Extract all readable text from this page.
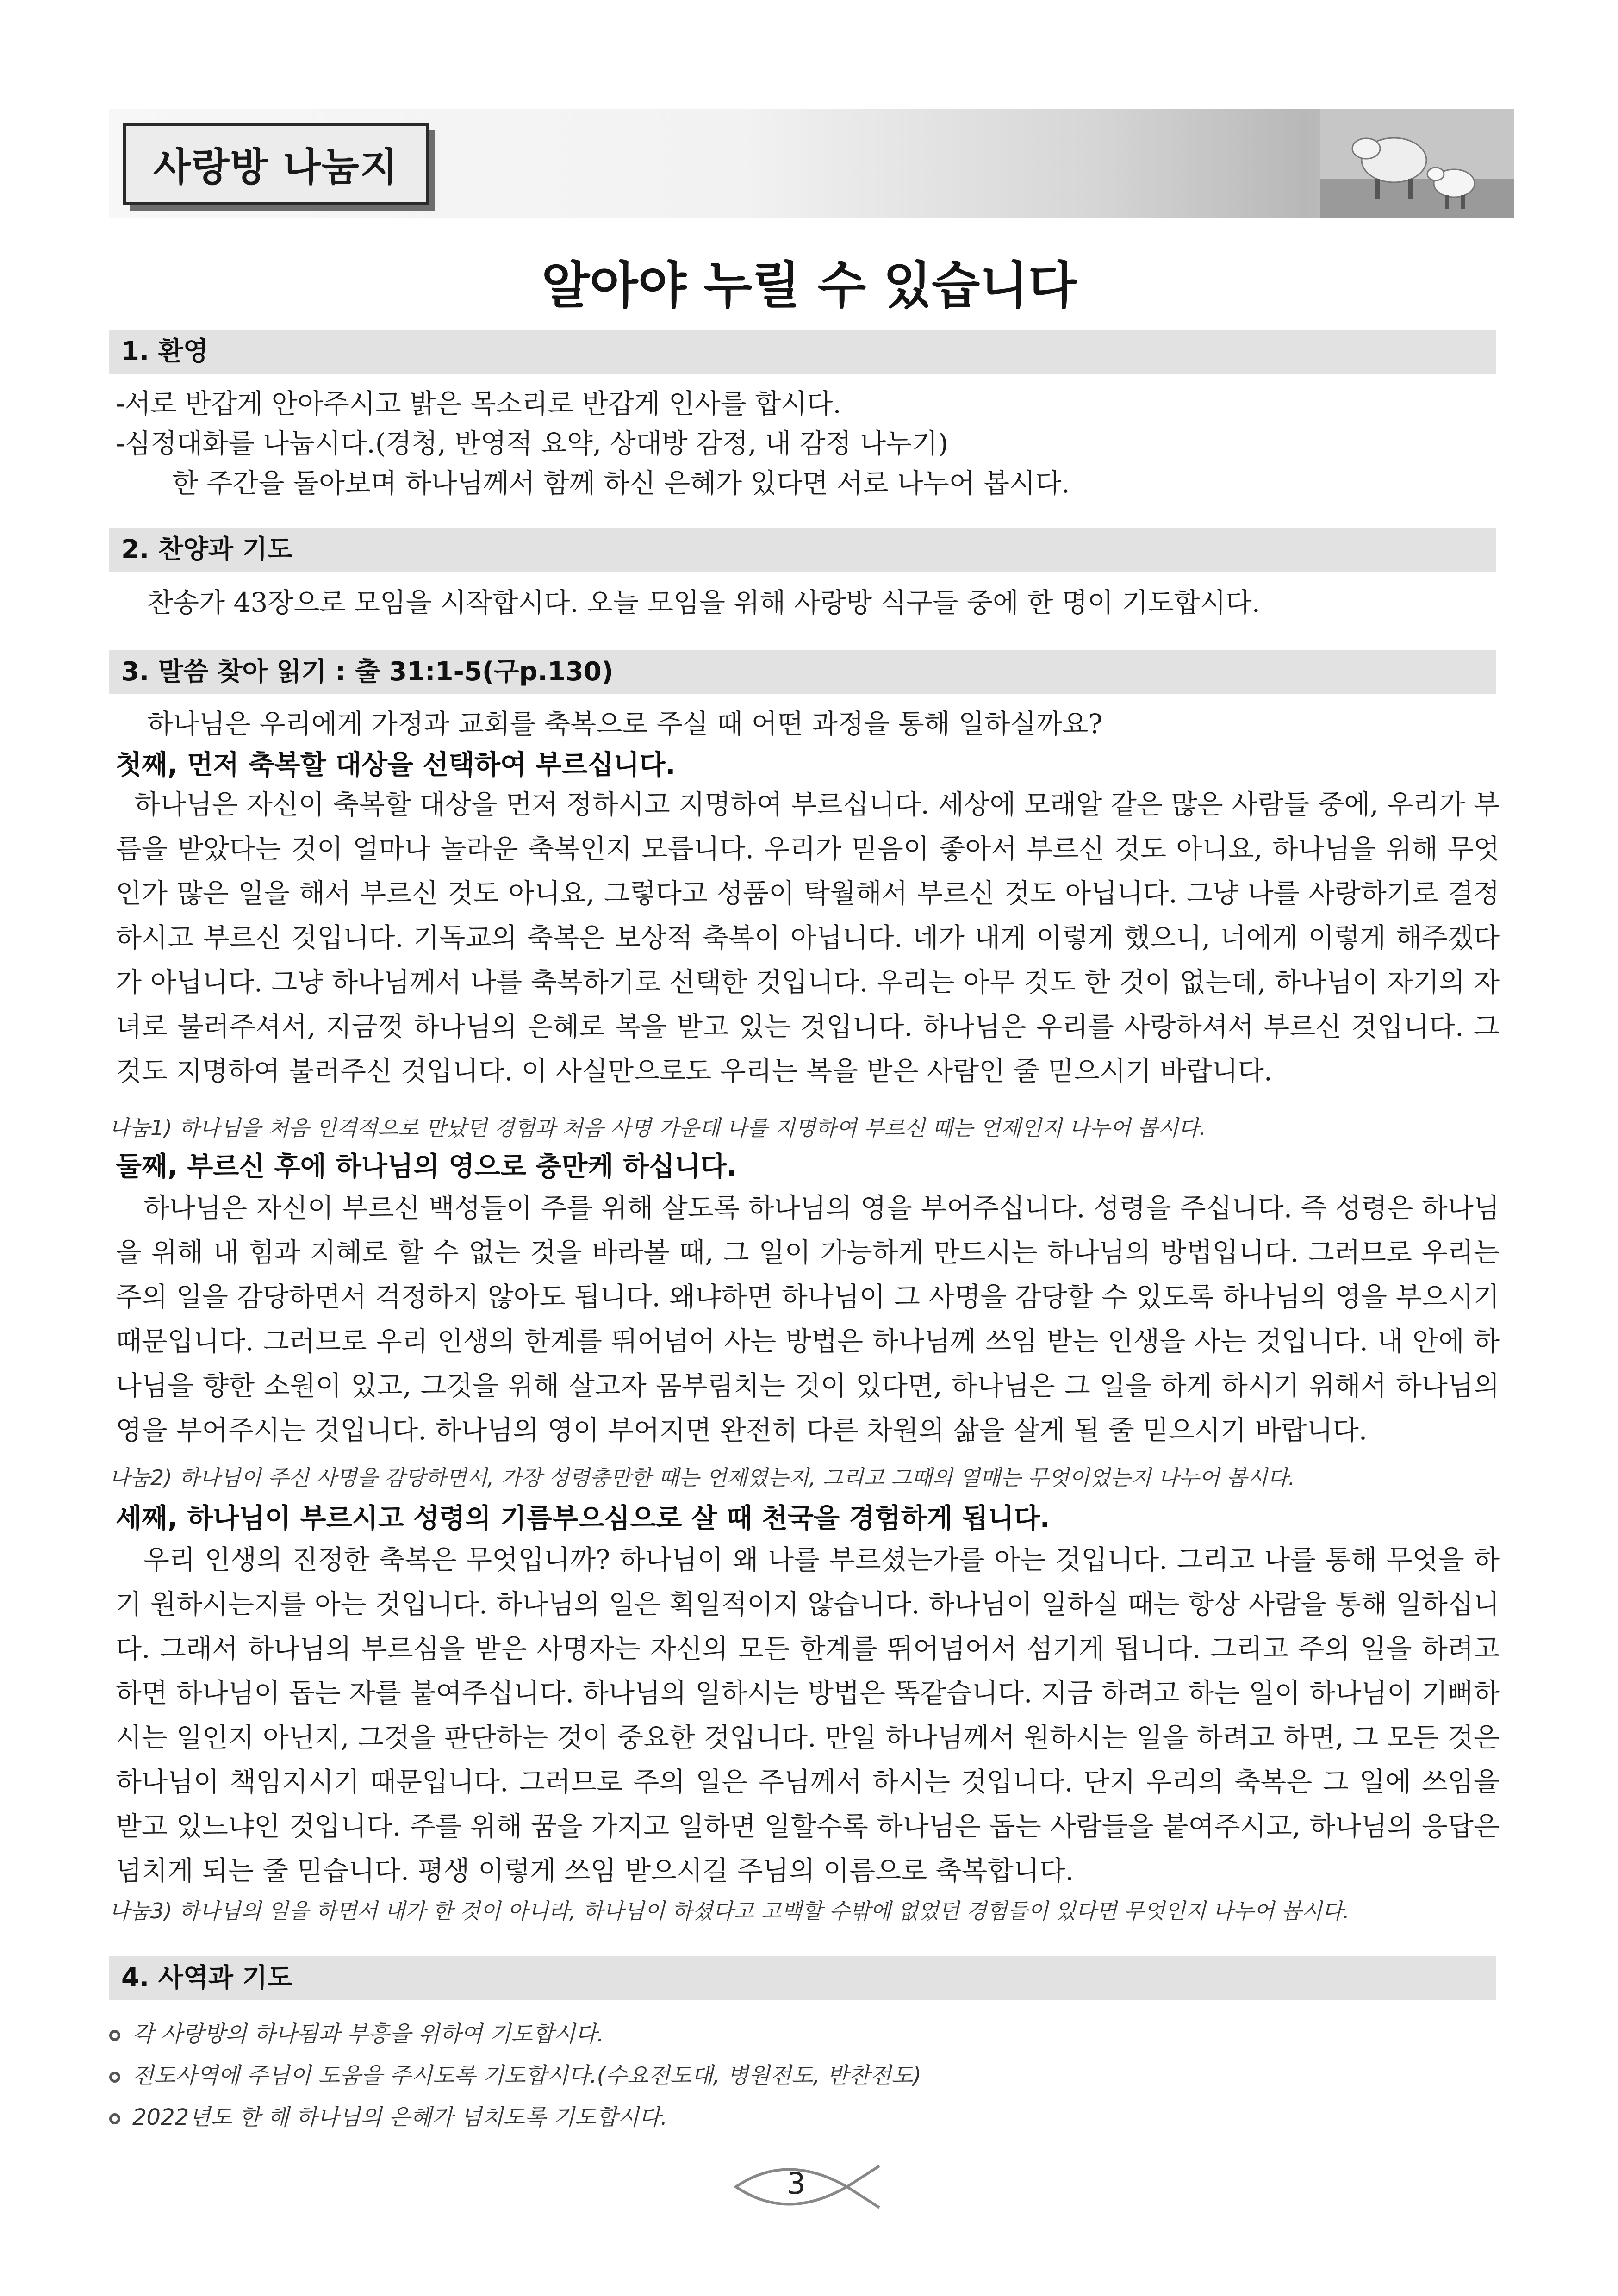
사랑방 나눔지
알아야 누릴 수 있습니다
1. 환영
-서로 반갑게 안아주시고 밝은 목소리로 반갑게 인사를 합시다.
-심정대화를 나눕시다.(경청, 반영적 요약, 상대방 감정, 내 감정 나누기)
한 주간을 돌아보며 하나님께서 함께 하신 은혜가 있다면 서로 나누어 봅시다.
2. 찬양과 기도
찬송가 43장으로 모임을 시작합시다. 오늘 모임을 위해 사랑방 식구들 중에 한 명이 기도합시다.
3. 말씀 찾아 읽기 : 출 31:1-5(구p.130)
하나님은 우리에게 가정과 교회를 축복으로 주실 때 어떤 과정을 통해 일하실까요?
첫째, 먼저 축복할 대상을 선택하여 부르십니다.
하나님은 자신이 축복할 대상을 먼저 정하시고 지명하여 부르십니다. 세상에 모래알 같은 많은 사람들 중에, 우리가 부름을 받았다는 것이 얼마나 놀라운 축복인지 모릅니다. 우리가 믿음이 좋아서 부르신 것도 아니요, 하나님을 위해 무엇인가 많은 일을 해서 부르신 것도 아니요, 그렇다고 성품이 탁월해서 부르신 것도 아닙니다. 그냥 나를 사랑하기로 결정하시고 부르신 것입니다. 기독교의 축복은 보상적 축복이 아닙니다. 네가 내게 이렇게 했으니, 너에게 이렇게 해주겠다가 아닙니다. 그냥 하나님께서 나를 축복하기로 선택한 것입니다. 우리는 아무 것도 한 것이 없는데, 하나님이 자기의 자녀로 불러주셔서, 지금껏 하나님의 은혜로 복을 받고 있는 것입니다. 하나님은 우리를 사랑하셔서 부르신 것입니다. 그것도 지명하여 불러주신 것입니다. 이 사실만으로도 우리는 복을 받은 사람인 줄 믿으시기 바랍니다.
나눔1) 하나님을 처음 인격적으로 만났던 경험과 처음 사명 가운데 나를 지명하여 부르신 때는 언제인지 나누어 봅시다.
둘째, 부르신 후에 하나님의 영으로 충만케 하십니다.
하나님은 자신이 부르신 백성들이 주를 위해 살도록 하나님의 영을 부어주십니다. 성령을 주십니다. 즉 성령은 하나님을 위해 내 힘과 지혜로 할 수 없는 것을 바라볼 때, 그 일이 가능하게 만드시는 하나님의 방법입니다. 그러므로 우리는 주의 일을 감당하면서 걱정하지 않아도 됩니다. 왜냐하면 하나님이 그 사명을 감당할 수 있도록 하나님의 영을 부으시기 때문입니다. 그러므로 우리 인생의 한계를 뛰어넘어 사는 방법은 하나님께 쓰임 받는 인생을 사는 것입니다. 내 안에 하나님을 향한 소원이 있고, 그것을 위해 살고자 몸부림치는 것이 있다면, 하나님은 그 일을 하게 하시기 위해서 하나님의 영을 부어주시는 것입니다. 하나님의 영이 부어지면 완전히 다른 차원의 삶을 살게 될 줄 믿으시기 바랍니다.
나눔2) 하나님이 주신 사명을 감당하면서, 가장 성령충만한 때는 언제였는지, 그리고 그때의 열매는 무엇이었는지 나누어 봅시다.
세째, 하나님이 부르시고 성령의 기름부으심으로 살 때 천국을 경험하게 됩니다.
우리 인생의 진정한 축복은 무엇입니까? 하나님이 왜 나를 부르셨는가를 아는 것입니다. 그리고 나를 통해 무엇을 하기 원하시는지를 아는 것입니다. 하나님의 일은 획일적이지 않습니다. 하나님이 일하실 때는 항상 사람을 통해 일하십니다. 그래서 하나님의 부르심을 받은 사명자는 자신의 모든 한계를 뛰어넘어서 섬기게 됩니다. 그리고 주의 일을 하려고 하면 하나님이 돕는 자를 붙여주십니다. 하나님의 일하시는 방법은 똑같습니다. 지금 하려고 하는 일이 하나님이 기뻐하시는 일인지 아닌지, 그것을 판단하는 것이 중요한 것입니다. 만일 하나님께서 원하시는 일을 하려고 하면, 그 모든 것은 하나님이 책임지시기 때문입니다. 그러므로 주의 일은 주님께서 하시는 것입니다. 단지 우리의 축복은 그 일에 쓰임을 받고 있느냐인 것입니다. 주를 위해 꿈을 가지고 일하면 일할수록 하나님은 돕는 사람들을 붙여주시고, 하나님의 응답은 넘치게 되는 줄 믿습니다. 평생 이렇게 쓰임 받으시길 주님의 이름으로 축복합니다.
나눔3) 하나님의 일을 하면서 내가 한 것이 아니라, 하나님이 하셨다고 고백할 수밖에 없었던 경험들이 있다면 무엇인지 나누어 봅시다.
4. 사역과 기도
각 사랑방의 하나됨과 부흥을 위하여 기도합시다.
전도사역에 주님이 도움을 주시도록 기도합시다.(수요전도대, 병원전도, 반찬전도)
2022년도 한 해 하나님의 은혜가 넘치도록 기도합시다.
3
